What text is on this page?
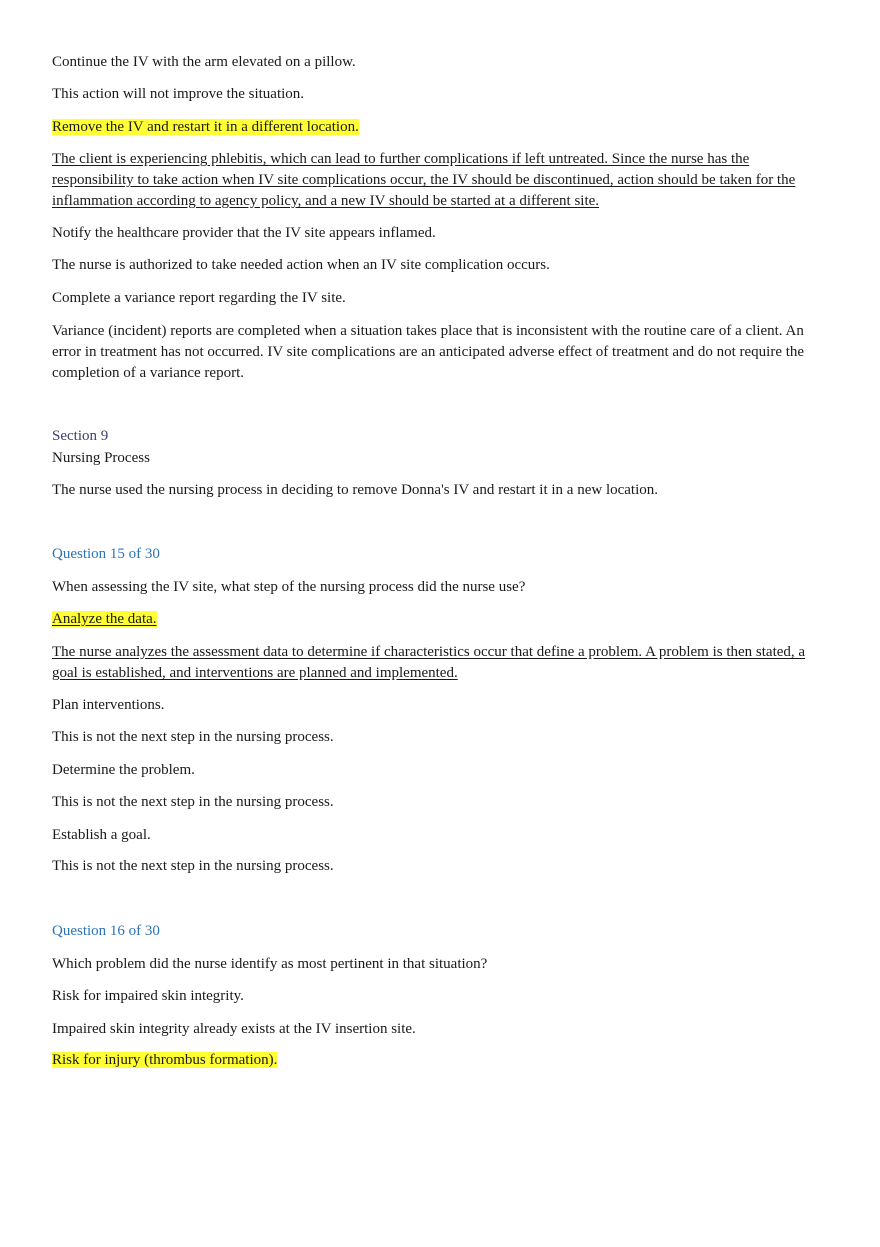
Continue the IV with the arm elevated on a pillow.

This action will not improve the situation.

Remove the IV and restart it in a different location.

The client is experiencing phlebitis, which can lead to further complications if left untreated. Since the nurse has the responsibility to take action when IV site complications occur, the IV should be discontinued, action should be taken for the inflammation according to agency policy, and a new IV should be started at a different site.

Notify the healthcare provider that the IV site appears inflamed.

The nurse is authorized to take needed action when an IV site complication occurs.

Complete a variance report regarding the IV site.

Variance (incident) reports are completed when a situation takes place that is inconsistent with the routine care of a client. An error in treatment has not occurred. IV site complications are an anticipated adverse effect of treatment and do not require the completion of a variance report.

Section 9

Nursing Process

The nurse used the nursing process in deciding to remove Donna's IV and restart it in a new location.

Question 15 of 30

When assessing the IV site, what step of the nursing process did the nurse use?

Analyze the data.

The nurse analyzes the assessment data to determine if characteristics occur that define a problem. A problem is then stated, a goal is established, and interventions are planned and implemented.

Plan interventions.

This is not the next step in the nursing process.

Determine the problem.

This is not the next step in the nursing process.

Establish a goal.

This is not the next step in the nursing process.

Question 16 of 30

Which problem did the nurse identify as most pertinent in that situation?

Risk for impaired skin integrity.

Impaired skin integrity already exists at the IV insertion site.

Risk for injury (thrombus formation).
